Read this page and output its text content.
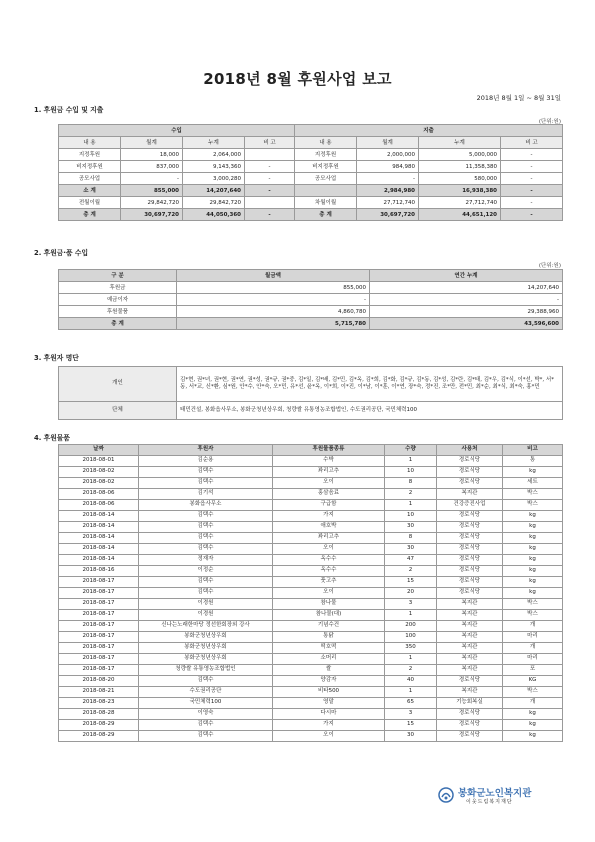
2018년 8월 후원사업 보고
2018년 8월 1일 ~ 8월 31일
1. 후원금 수입 및 지출
(단위:원)
수입				지출			
내 용	월계	누계	비 고	내 용	월계	누계	비 고
지정후원	18,000	2,064,000		지정후원	2,000,000	5,000,000	-
비지정후원	837,000	9,143,360	-	비지정후원	984,980	11,358,380	-
공모사업	-	3,000,280	-	공모사업	-	580,000	-
소 계	855,000	14,207,640	-		2,984,980	16,938,380	-
전월이월	29,842,720	29,842,720		차월이월	27,712,740	27,712,740	-
총 계	30,697,720	44,050,360	-	총 계	30,697,720	44,651,120	-
2. 후원금·품 수입
(단위:원)
구 분	월금액	연간 누계
후원금	855,000	14,207,640
예금이자	-	-
후원물품	4,860,780	29,388,960
총 계	5,715,780	43,596,600
3. 후원자 명단
개인	김*현, 권*녀, 권*현, 권*연, 권*성, 권*규, 권*중, 김*일, 김*배, 김*민, 김*옥, 김*희, 김*화, 김*규, 김*동, 김*성, 김*란, 김*태, 김*우, 김*식, 이*선, 박*, 서*동, 서*교, 신*환, 심*원, 안*수, 안*숙, 오*민, 유*선, 윤*옥, 이*희, 이*진, 이*남, 이*훈, 이*연, 장*숙, 정*진, 조*만, 전*민, 최*순, 최*식, 최*숙, 홍*민
단체	태민건설, 봉화읍사무소, 봉화군청년상우회, 청량쌀 유통영농조합법인, 수도권리공단, 국민체력100
4. 후원물품
날짜	후원자	후원물품종류	수량	사용처	비고
2018-08-01	김순용	수박	1	경로식당	통
2018-08-02	김택수	꽈리고추	10	경로식당	kg
2018-08-02	김택수	오이	8	경로식당	세트
2018-08-06	김기석	홍삼음료	2	복지관	박스
2018-08-06	봉화읍사무소	구급함	1	건강증진사업	박스
2018-08-14	김택수	가지	10	경로식당	kg
2018-08-14	김택수	애호박	30	경로식당	kg
2018-08-14	김택수	꽈리고추	8	경로식당	kg
2018-08-14	김택수	오이	30	경로식당	kg
2018-08-14	정재자	옥수수	47	경로식당	kg
2018-08-16	이정순	옥수수	2	경로식당	kg
2018-08-17	김택수	풋고추	15	경로식당	kg
2018-08-17	김택수	오이	20	경로식당	kg
2018-08-17	이경원	참나물	3	복지관	박스
2018-08-17	이경원	참나물(대)	1	복지관	박스
2018-08-17	신나는노래한마당 정선한회장외 강사	기념수건	200	복지관	개
2018-08-17	봉화군청년상우회	통닭	100	복지관	마리
2018-08-17	봉화군청년상우회	떡호떡	350	복지관	개
2018-08-17	봉화군청년상우회	소머리	1	복지관	마리
2018-08-17	청량쌀 유통영농조합법인	쌀	2	복지관	포
2018-08-20	김택수	양감자	40	경로식당	KG
2018-08-21	수도권리공단	비타500	1	복지관	박스
2018-08-23	국민체력100	영말	65	기능회복실	개
2018-08-28	이영숙	다시마	3	경로식당	kg
2018-08-29	김택수	가지	15	경로식당	kg
2018-08-29	김택수	오이	30	경로식당	kg
봉화군노인복지관
이웃드림복지재단
